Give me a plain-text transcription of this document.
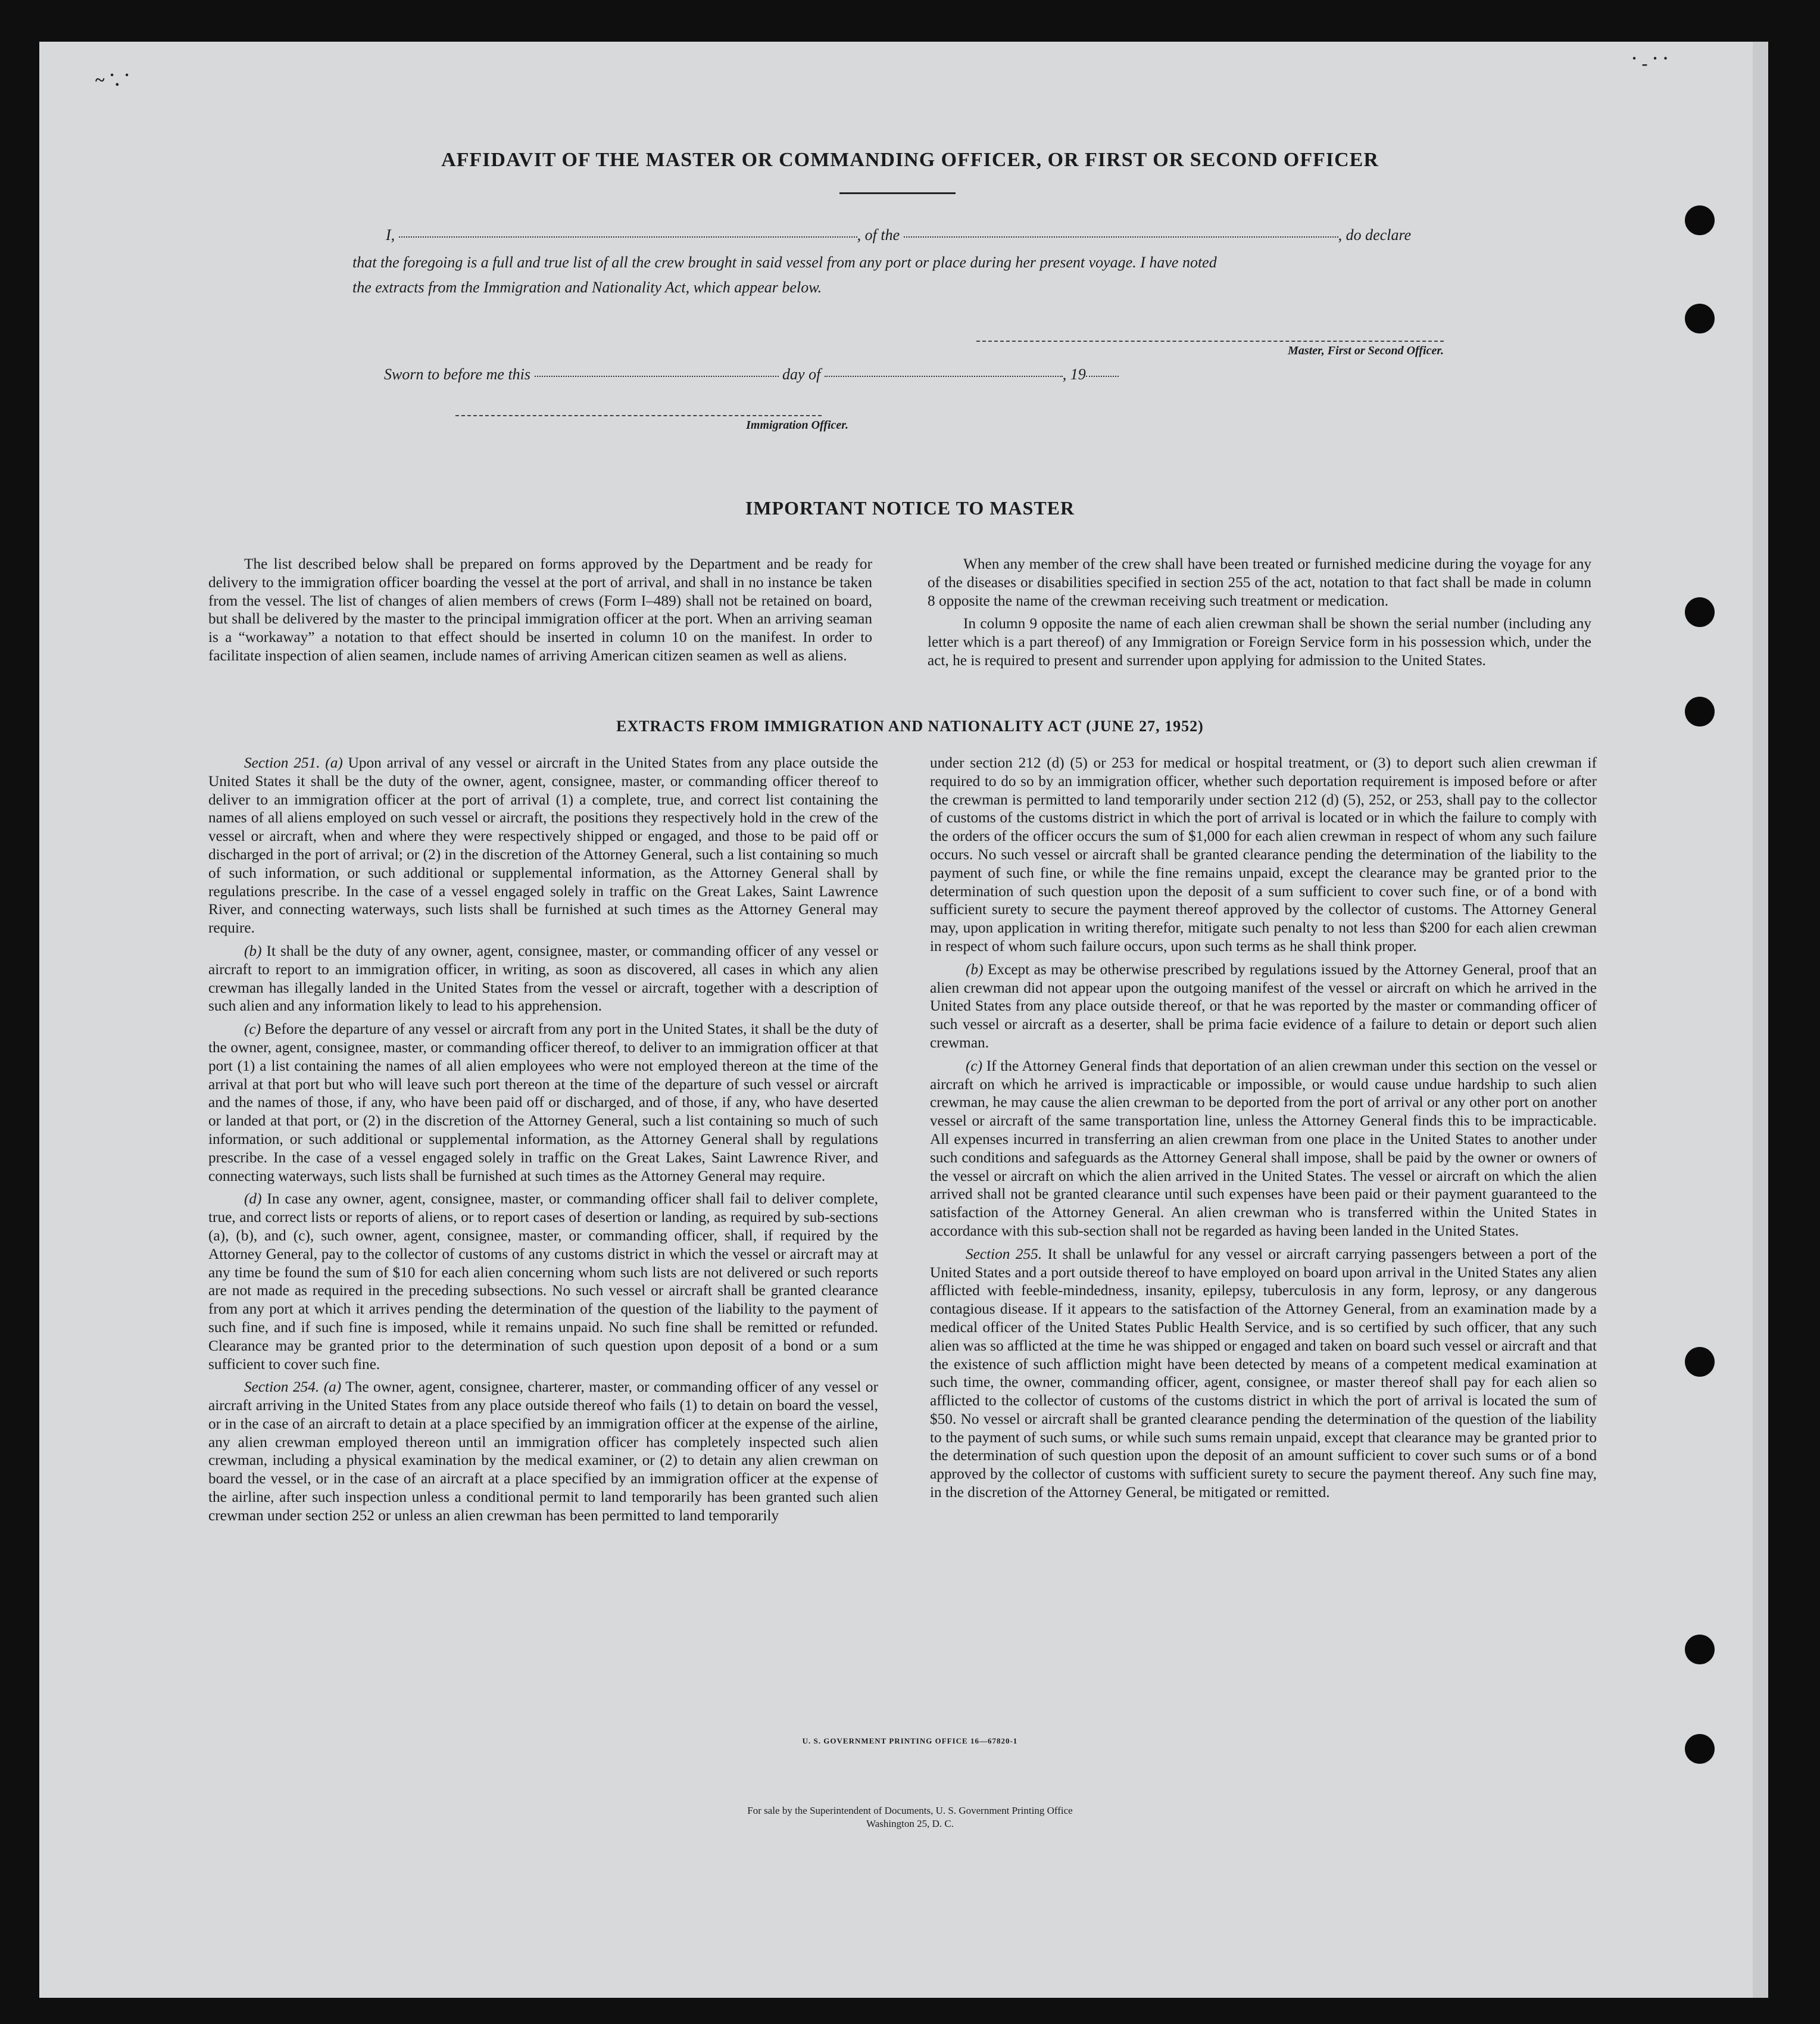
~ ˙. ˙
˙ ‐ ˙ ˙
AFFIDAVIT OF THE MASTER OR COMMANDING OFFICER, OR FIRST OR SECOND OFFICER
I,	, of the	, do declare
that the foregoing is a full and true list of all the crew brought in said vessel from any port or place during her present voyage. I have noted
the extracts from the Immigration and Nationality Act, which appear below.
Master, First or Second Officer.
Sworn to before me this	day of	, 19
Immigration Officer.
IMPORTANT NOTICE TO MASTER

The list described below shall be prepared on forms approved by the Department and be ready for delivery to the immigration officer boarding the vessel at the port of arrival, and shall in no instance be taken from the vessel. The list of changes of alien members of crews (Form I–489) shall not be retained on board, but shall be delivered by the master to the principal immigration officer at the port. When an arriving seaman is a “workaway” a notation to that effect should be inserted in column 10 on the manifest. In order to facilitate inspection of alien seamen, include names of arriving American citizen seamen as well as aliens.

When any member of the crew shall have been treated or furnished medicine during the voyage for any of the diseases or disabilities specified in section 255 of the act, notation to that fact shall be made in column 8 opposite the name of the crewman receiving such treatment or medication.

In column 9 opposite the name of each alien crewman shall be shown the serial number (including any letter which is a part thereof) of any Immigration or Foreign Service form in his possession which, under the act, he is required to present and surrender upon applying for admission to the United States.

EXTRACTS FROM IMMIGRATION AND NATIONALITY ACT (JUNE 27, 1952)

Section 251. (a) Upon arrival of any vessel or aircraft in the United States from any place outside the United States it shall be the duty of the owner, agent, consignee, master, or commanding officer thereof to deliver to an immigration officer at the port of arrival (1) a complete, true, and correct list containing the names of all aliens employed on such vessel or aircraft, the positions they respectively hold in the crew of the vessel or aircraft, when and where they were respectively shipped or engaged, and those to be paid off or discharged in the port of arrival; or (2) in the discretion of the Attorney General, such a list containing so much of such information, or such additional or supplemental information, as the Attorney General shall by regulations prescribe. In the case of a vessel engaged solely in traffic on the Great Lakes, Saint Lawrence River, and connecting waterways, such lists shall be furnished at such times as the Attorney General may require.

(b) It shall be the duty of any owner, agent, consignee, master, or commanding officer of any vessel or aircraft to report to an immigration officer, in writing, as soon as discovered, all cases in which any alien crewman has illegally landed in the United States from the vessel or aircraft, together with a description of such alien and any information likely to lead to his apprehension.

(c) Before the departure of any vessel or aircraft from any port in the United States, it shall be the duty of the owner, agent, consignee, master, or commanding officer thereof, to deliver to an immigration officer at that port (1) a list containing the names of all alien employees who were not employed thereon at the time of the arrival at that port but who will leave such port thereon at the time of the departure of such vessel or aircraft and the names of those, if any, who have been paid off or discharged, and of those, if any, who have deserted or landed at that port, or (2) in the discretion of the Attorney General, such a list containing so much of such information, or such additional or supplemental information, as the Attorney General shall by regulations prescribe. In the case of a vessel engaged solely in traffic on the Great Lakes, Saint Lawrence River, and connecting waterways, such lists shall be furnished at such times as the Attorney General may require.

(d) In case any owner, agent, consignee, master, or commanding officer shall fail to deliver complete, true, and correct lists or reports of aliens, or to report cases of desertion or landing, as required by sub-sections (a), (b), and (c), such owner, agent, consignee, master, or commanding officer, shall, if required by the Attorney General, pay to the collector of customs of any customs district in which the vessel or aircraft may at any time be found the sum of $10 for each alien concerning whom such lists are not delivered or such reports are not made as required in the preceding subsections. No such vessel or aircraft shall be granted clearance from any port at which it arrives pending the determination of the question of the liability to the payment of such fine, and if such fine is imposed, while it remains unpaid. No such fine shall be remitted or refunded. Clearance may be granted prior to the determination of such question upon deposit of a bond or a sum sufficient to cover such fine.

Section 254. (a) The owner, agent, consignee, charterer, master, or commanding officer of any vessel or aircraft arriving in the United States from any place outside thereof who fails (1) to detain on board the vessel, or in the case of an aircraft to detain at a place specified by an immigration officer at the expense of the airline, any alien crewman employed thereon until an immigration officer has completely inspected such alien crewman, including a physical examination by the medical examiner, or (2) to detain any alien crewman on board the vessel, or in the case of an aircraft at a place specified by an immigration officer at the expense of the airline, after such inspection unless a conditional permit to land temporarily has been granted such alien crewman under section 252 or unless an alien crewman has been permitted to land temporarily

under section 212 (d) (5) or 253 for medical or hospital treatment, or (3) to deport such alien crewman if required to do so by an immigration officer, whether such deportation requirement is imposed before or after the crewman is permitted to land temporarily under section 212 (d) (5), 252, or 253, shall pay to the collector of customs of the customs district in which the port of arrival is located or in which the failure to comply with the orders of the officer occurs the sum of $1,000 for each alien crewman in respect of whom any such failure occurs. No such vessel or aircraft shall be granted clearance pending the determination of the liability to the payment of such fine, or while the fine remains unpaid, except the clearance may be granted prior to the determination of such question upon the deposit of a sum sufficient to cover such fine, or of a bond with sufficient surety to secure the payment thereof approved by the collector of customs. The Attorney General may, upon application in writing therefor, mitigate such penalty to not less than $200 for each alien crewman in respect of whom such failure occurs, upon such terms as he shall think proper.

(b) Except as may be otherwise prescribed by regulations issued by the Attorney General, proof that an alien crewman did not appear upon the outgoing manifest of the vessel or aircraft on which he arrived in the United States from any place outside thereof, or that he was reported by the master or commanding officer of such vessel or aircraft as a deserter, shall be prima facie evidence of a failure to detain or deport such alien crewman.

(c) If the Attorney General finds that deportation of an alien crewman under this section on the vessel or aircraft on which he arrived is impracticable or impossible, or would cause undue hardship to such alien crewman, he may cause the alien crewman to be deported from the port of arrival or any other port on another vessel or aircraft of the same transportation line, unless the Attorney General finds this to be impracticable. All expenses incurred in transferring an alien crewman from one place in the United States to another under such conditions and safeguards as the Attorney General shall impose, shall be paid by the owner or owners of the vessel or aircraft on which the alien arrived in the United States. The vessel or aircraft on which the alien arrived shall not be granted clearance until such expenses have been paid or their payment guaranteed to the satisfaction of the Attorney General. An alien crewman who is transferred within the United States in accordance with this sub-section shall not be regarded as having been landed in the United States.

Section 255. It shall be unlawful for any vessel or aircraft carrying passengers between a port of the United States and a port outside thereof to have employed on board upon arrival in the United States any alien afflicted with feeble-mindedness, insanity, epilepsy, tuberculosis in any form, leprosy, or any dangerous contagious disease. If it appears to the satisfaction of the Attorney General, from an examination made by a medical officer of the United States Public Health Service, and is so certified by such officer, that any such alien was so afflicted at the time he was shipped or engaged and taken on board such vessel or aircraft and that the existence of such affliction might have been detected by means of a competent medical examination at such time, the owner, commanding officer, agent, consignee, or master thereof shall pay for each alien so afflicted to the collector of customs of the customs district in which the port of arrival is located the sum of $50. No vessel or aircraft shall be granted clearance pending the determination of the question of the liability to the payment of such sums, or while such sums remain unpaid, except that clearance may be granted prior to the determination of such question upon the deposit of an amount sufficient to cover such sums or of a bond approved by the collector of customs with sufficient surety to secure the payment thereof. Any such fine may, in the discretion of the Attorney General, be mitigated or remitted.

U. S. GOVERNMENT PRINTING OFFICE 16—67820-1
For sale by the Superintendent of Documents, U. S. Government Printing Office
Washington 25, D. C.
